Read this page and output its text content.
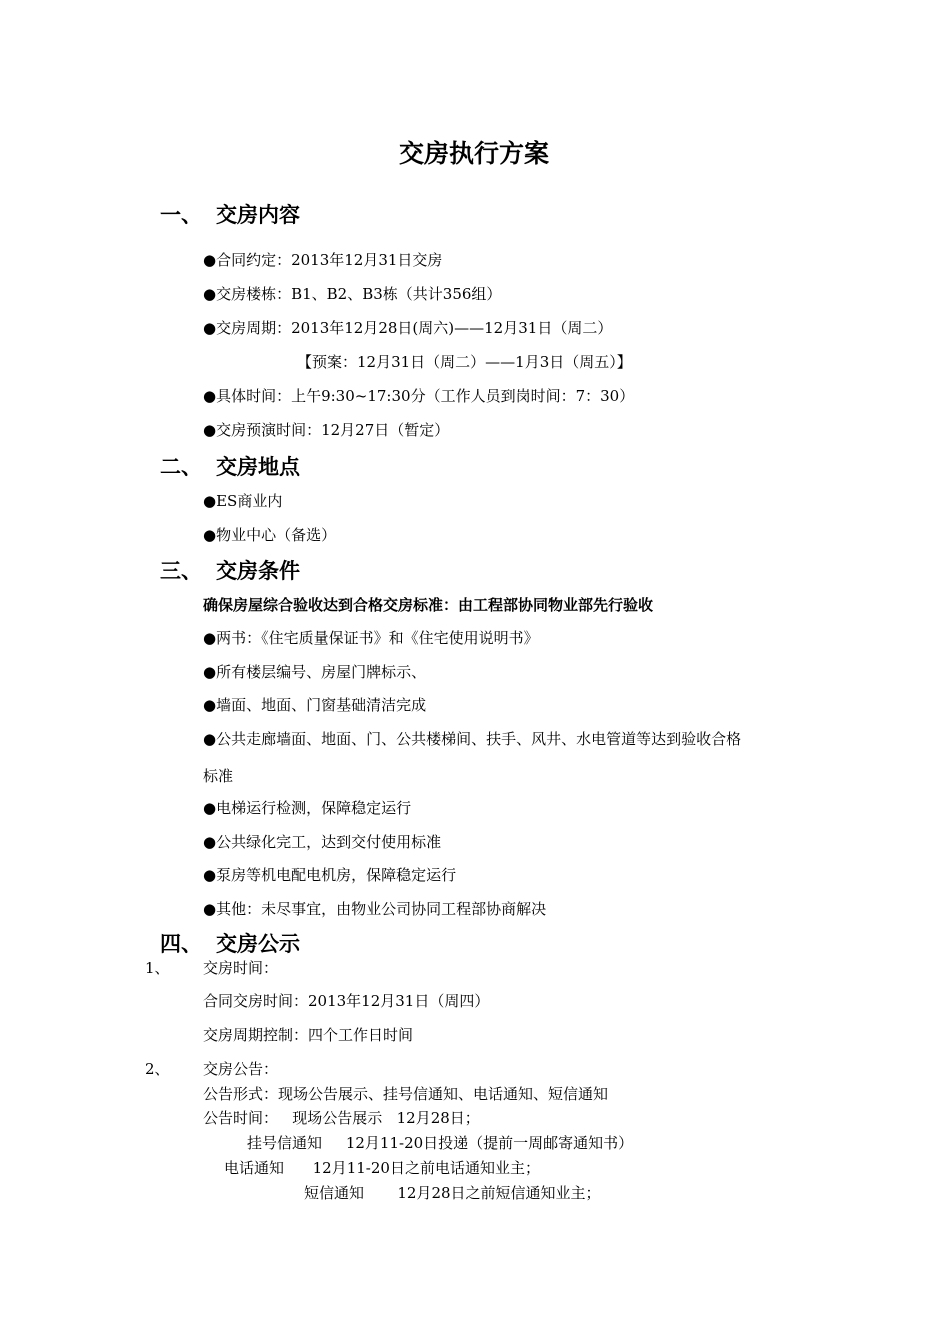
交房执行方案
一、 交房内容
●合同约定：2013年12月31日交房
●交房楼栋：B1、B2、B3栋（共计356组）
●交房周期：2013年12月28日(周六)——12月31日（周二）
【预案：12月31日（周二）——1月3日（周五）】
●具体时间：上午9:30~17:30分（工作人员到岗时间：7：30）
●交房预演时间：12月27日（暂定）
二、 交房地点
●ES商业内
●物业中心（备选）
三、 交房条件
确保房屋综合验收达到合格交房标准：由工程部协同物业部先行验收
●两书：《住宅质量保证书》和《住宅使用说明书》
●所有楼层编号、房屋门牌标示、
●墙面、地面、门窗基础清洁完成
●公共走廊墙面、地面、门、公共楼梯间、扶手、风井、水电管道等达到验收合格
标准
●电梯运行检测，保障稳定运行
●公共绿化完工，达到交付使用标准
●泵房等机电配电机房，保障稳定运行
●其他：未尽事宜，由物业公司协同工程部协商解决
四、 交房公示
1、 交房时间：
合同交房时间：2013年12月31日（周四）
交房周期控制：四个工作日时间
2、 交房公告：
公告形式：现场公告展示、挂号信通知、电话通知、短信通知
公告时间：   现场公告展示   12月28日；
挂号信通知     12月11-20日投递（提前一周邮寄通知书）
电话通知      12月11-20日之前电话通知业主；
短信通知       12月28日之前短信通知业主；
